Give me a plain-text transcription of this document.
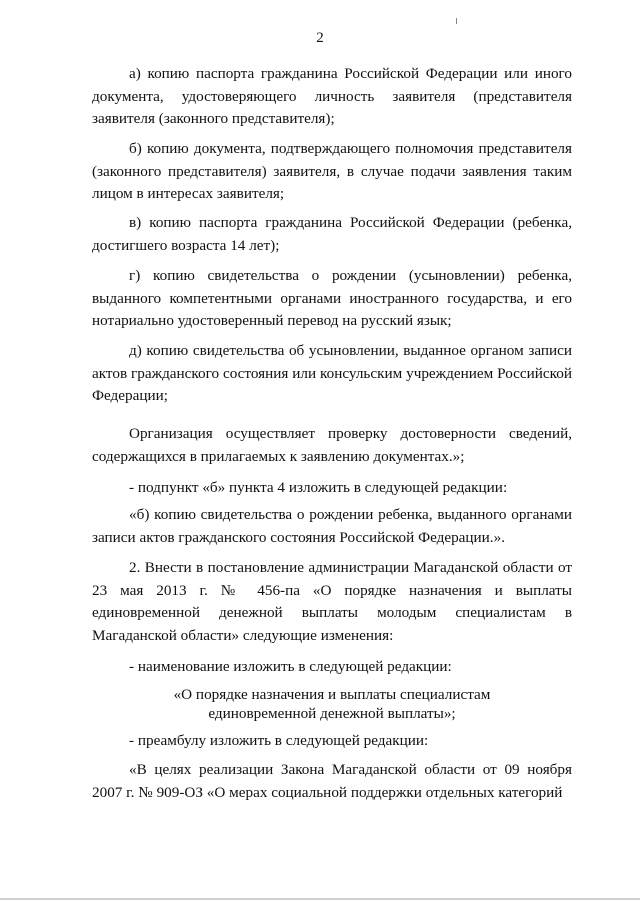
2

а) копию паспорта гражданина Российской Федерации или иного документа, удостоверяющего личность заявителя (представителя заявителя (законного представителя);

б) копию документа, подтверждающего полномочия представителя (законного представителя) заявителя, в случае подачи заявления таким лицом в интересах заявителя;

в) копию паспорта гражданина Российской Федерации (ребенка, достигшего возраста 14 лет);

г) копию свидетельства о рождении (усыновлении) ребенка, выданного компетентными органами иностранного государства, и его нотариально удостоверенный перевод на русский язык;

д) копию свидетельства об усыновлении, выданное органом записи актов гражданского состояния или консульским учреждением Российской Федерации;

Организация осуществляет проверку достоверности сведений, содержащихся в прилагаемых к заявлению документах.»;

- подпункт «б» пункта 4 изложить в следующей редакции:

«б) копию свидетельства о рождении ребенка, выданного органами записи актов гражданского состояния Российской Федерации.».

2. Внести в постановление администрации Магаданской области от 23 мая 2013 г. № 456-па «О порядке назначения и выплаты единовременной денежной выплаты молодым специалистам в Магаданской области» следующие изменения:

- наименование изложить в следующей редакции:

«О порядке назначения и выплаты специалистам
единовременной денежной выплаты»;

- преамбулу изложить в следующей редакции:

«В целях реализации Закона Магаданской области от 09 ноября 2007 г. № 909-ОЗ «О мерах социальной поддержки отдельных категорий
